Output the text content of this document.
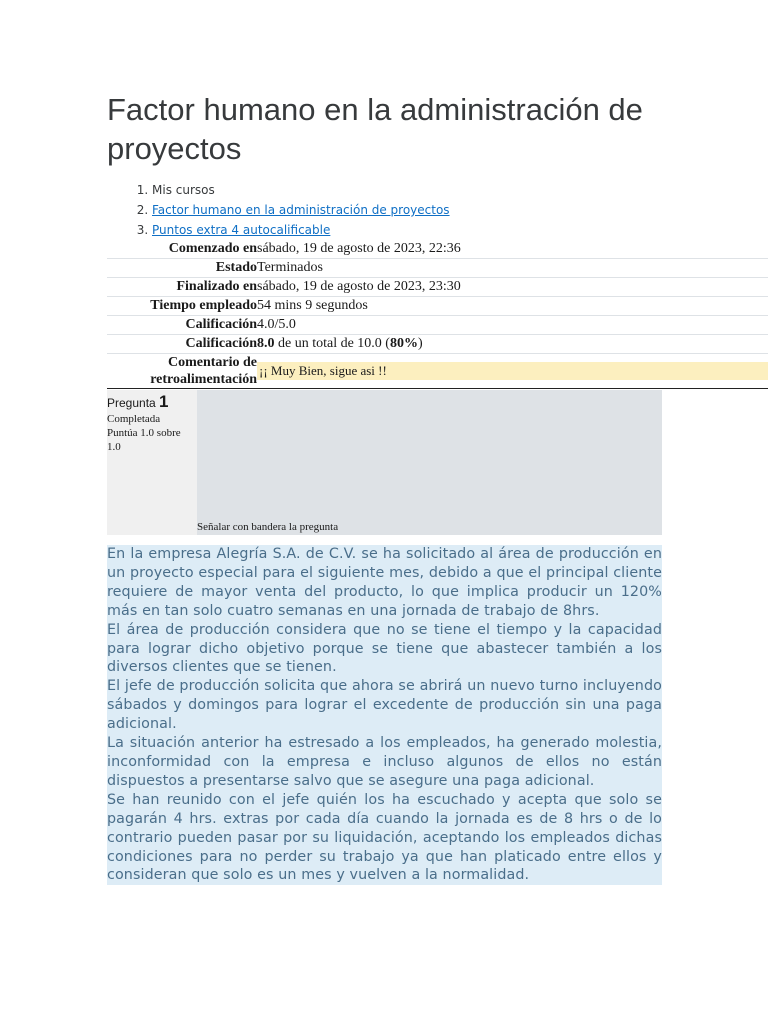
Factor humano en la administración de proyectos
1. Mis cursos
2. Factor humano en la administración de proyectos
3. Puntos extra 4 autocalificable
Comenzado en sábado, 19 de agosto de 2023, 22:36
Estado Terminados
Finalizado en sábado, 19 de agosto de 2023, 23:30
Tiempo empleado 54 mins 9 segundos
Calificación 4.0/5.0
Calificación 8.0 de un total de 10.0 (80%)
Comentario de
retroalimentación
¡¡ Muy Bien, sigue asi !!
Pregunta 1
Completada
Puntúa 1.0 sobre 1.0
Señalar con bandera la pregunta

En la empresa Alegría S.A. de C.V. se ha solicitado al área de producción en un proyecto especial para el siguiente mes, debido a que el principal cliente requiere de mayor venta del producto, lo que implica producir un 120% más en tan solo cuatro semanas en una jornada de trabajo de 8hrs.

El área de producción considera que no se tiene el tiempo y la capacidad para lograr dicho objetivo porque se tiene que abastecer también a los diversos clientes que se tienen.

El jefe de producción solicita que ahora se abrirá un nuevo turno incluyendo sábados y domingos para lograr el excedente de producción sin una paga adicional.

La situación anterior ha estresado a los empleados, ha generado molestia, inconformidad con la empresa e incluso algunos de ellos no están dispuestos a presentarse salvo que se asegure una paga adicional.

Se han reunido con el jefe quién los ha escuchado y acepta que solo se pagarán 4 hrs. extras por cada día cuando la jornada es de 8 hrs o de lo contrario pueden pasar por su liquidación, aceptando los empleados dichas condiciones para no perder su trabajo ya que han platicado entre ellos y consideran que solo es un mes y vuelven a la normalidad.
